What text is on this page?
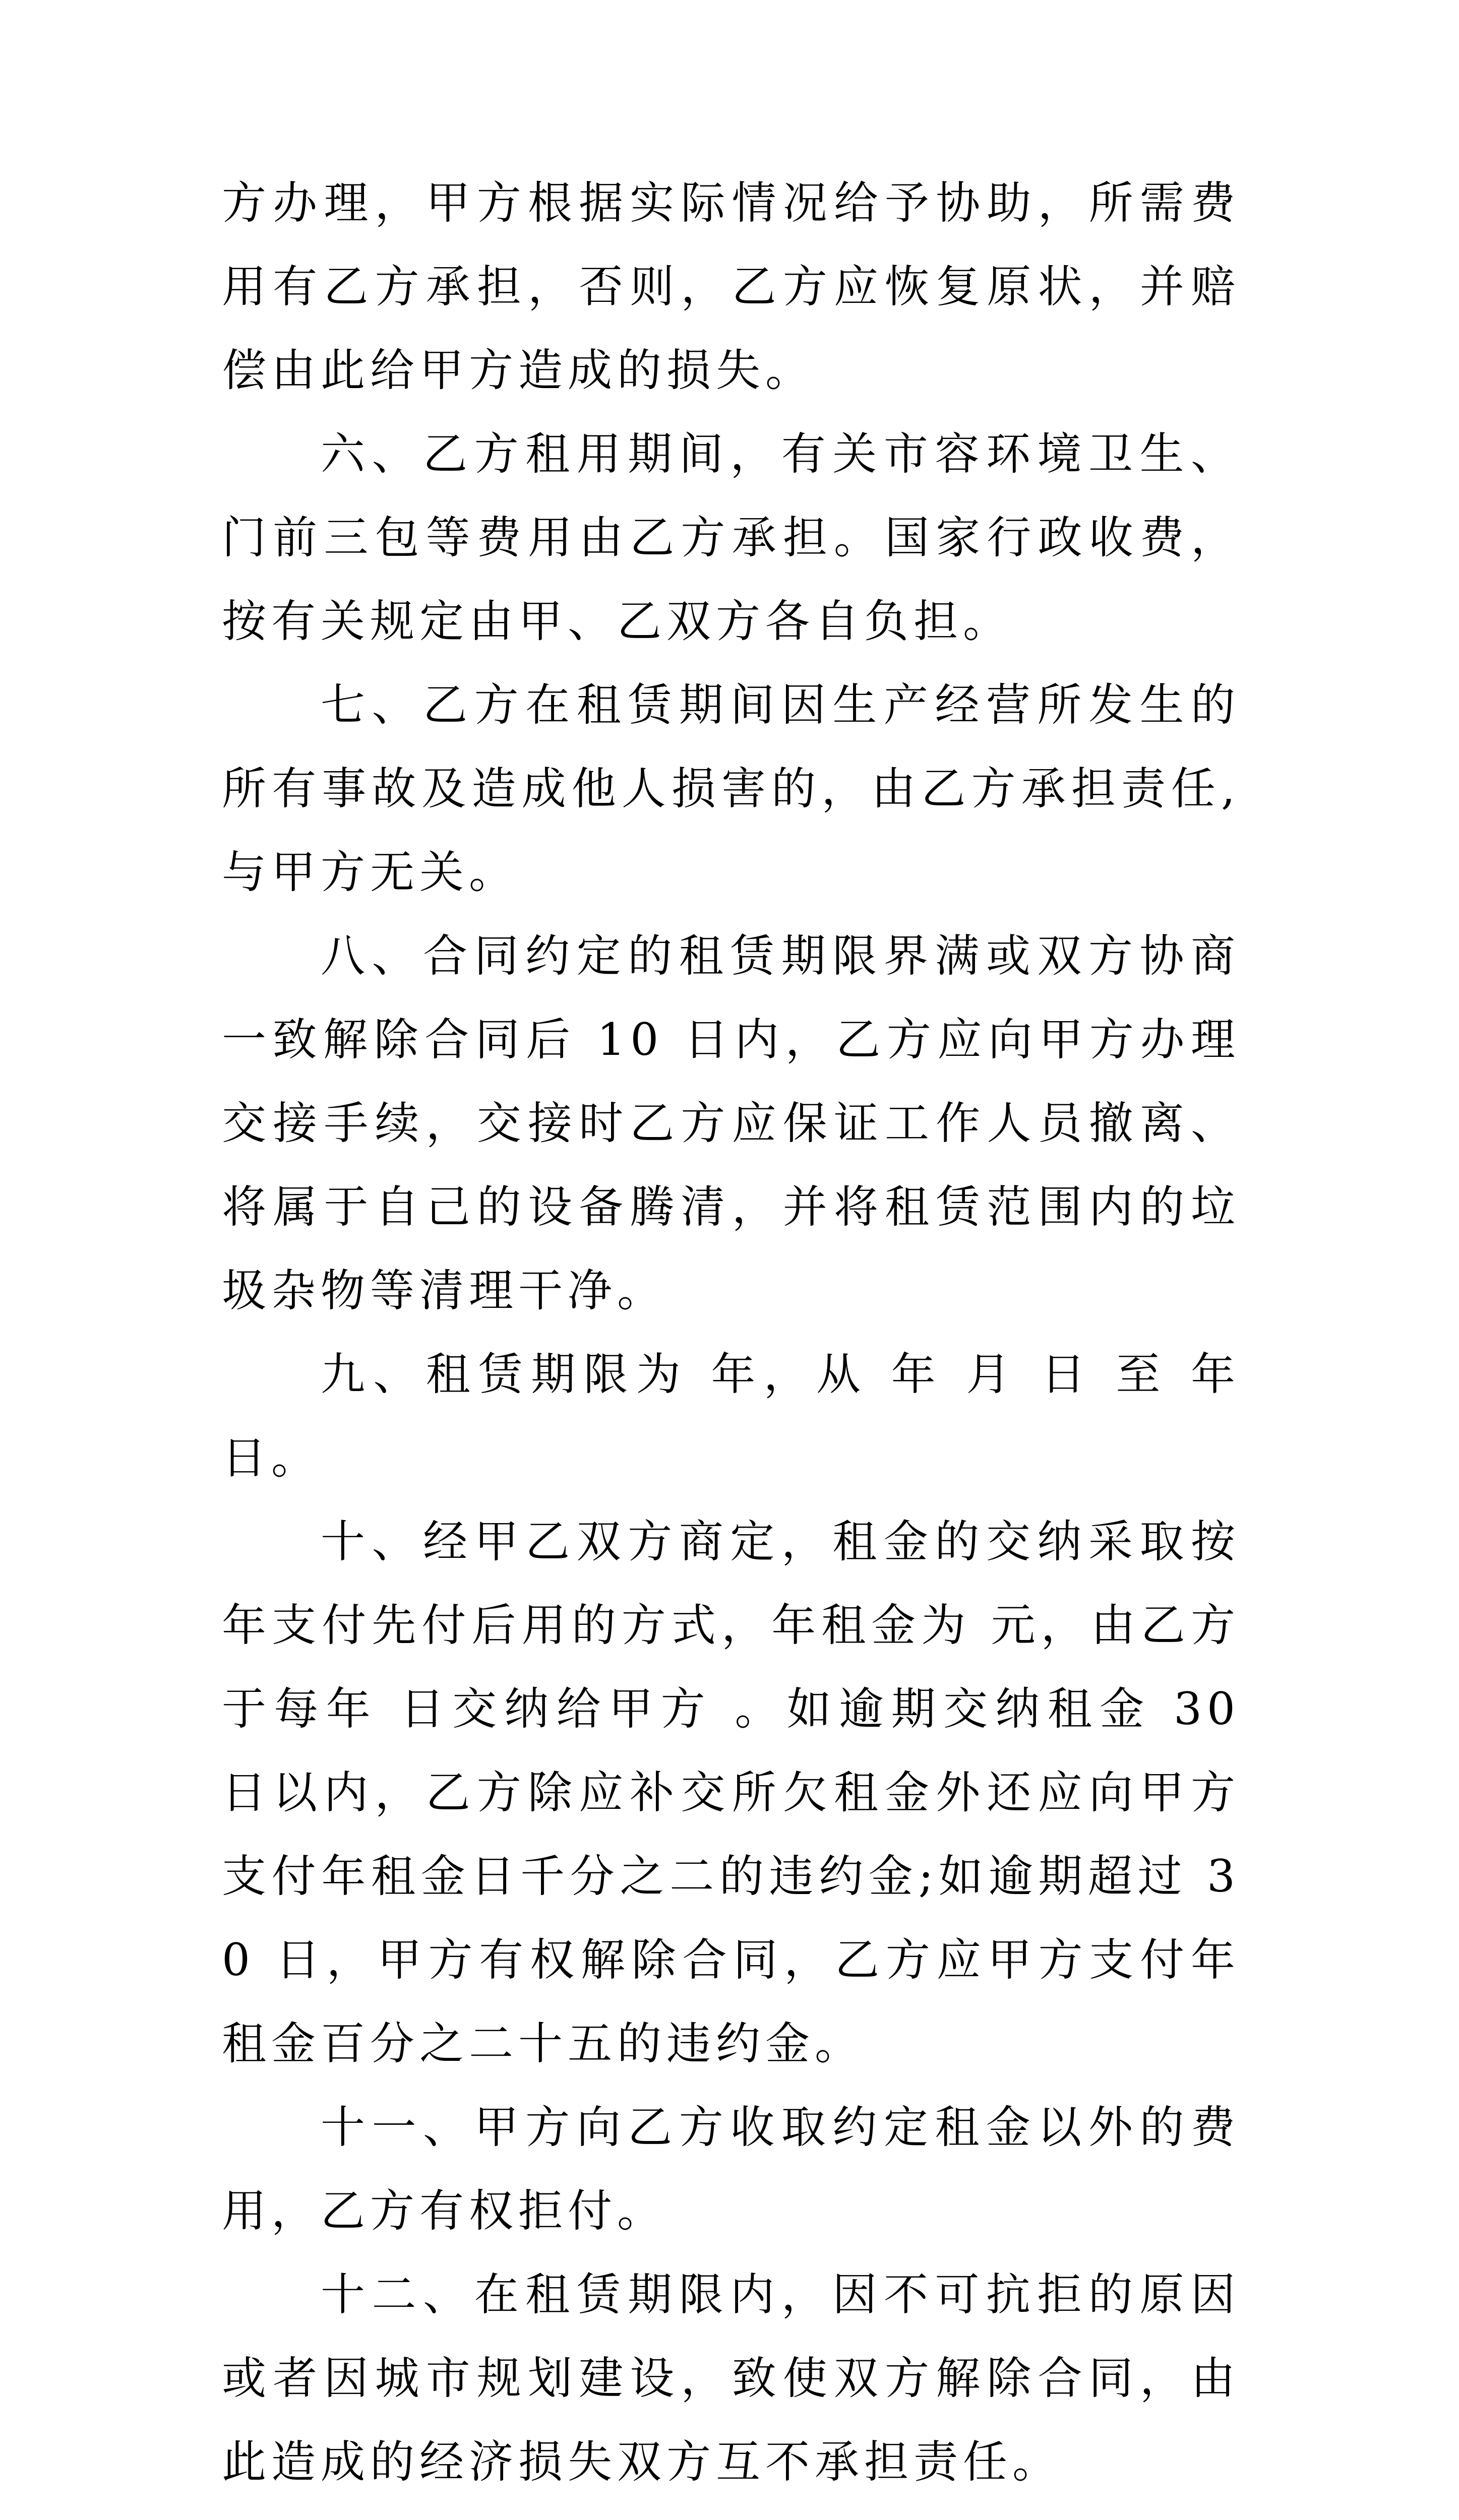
方办理，甲方根据实际情况给予协助，所需费用有乙方承担，否则，乙方应恢复原状，并赔偿由此给甲方造成的损失。

六、乙方租用期间，有关市容环境卫生、门前三包等费用由乙方承担。国家行政收费，按有关规定由甲、乙双方各自负担。

七、乙方在租赁期间因生产经营所发生的所有事故及造成他人损害的，由乙方承担责任,与甲方无关。

八、合同约定的租赁期限界满或双方协商一致解除合同后 10 日内，乙方应向甲方办理交接手续，交接时乙方应保证工作人员撤离、将属于自己的设备腾清，并将租赁范围内的垃圾杂物等清理干净。

九、租赁期限为 年，从 年 月 日 至 年 日。

十、经甲乙双方商定，租金的交纳采取按年支付先付后用的方式，年租金为 元，由乙方于每年 日交纳给甲方 。如逾期交纳租金 30 日以内，乙方除应补交所欠租金外还应向甲方支付年租金日千分之二的违约金;如逾期超过 30 日，甲方有权解除合同，乙方应甲方支付年租金百分之二十五的违约金。

十一、甲方向乙方收取约定租金以外的费用，乙方有权拒付。

十二、在租赁期限内，因不可抗拒的原因或者因城市规划建设，致使双方解除合同，由此造成的经济损失双方互不承担责任。
